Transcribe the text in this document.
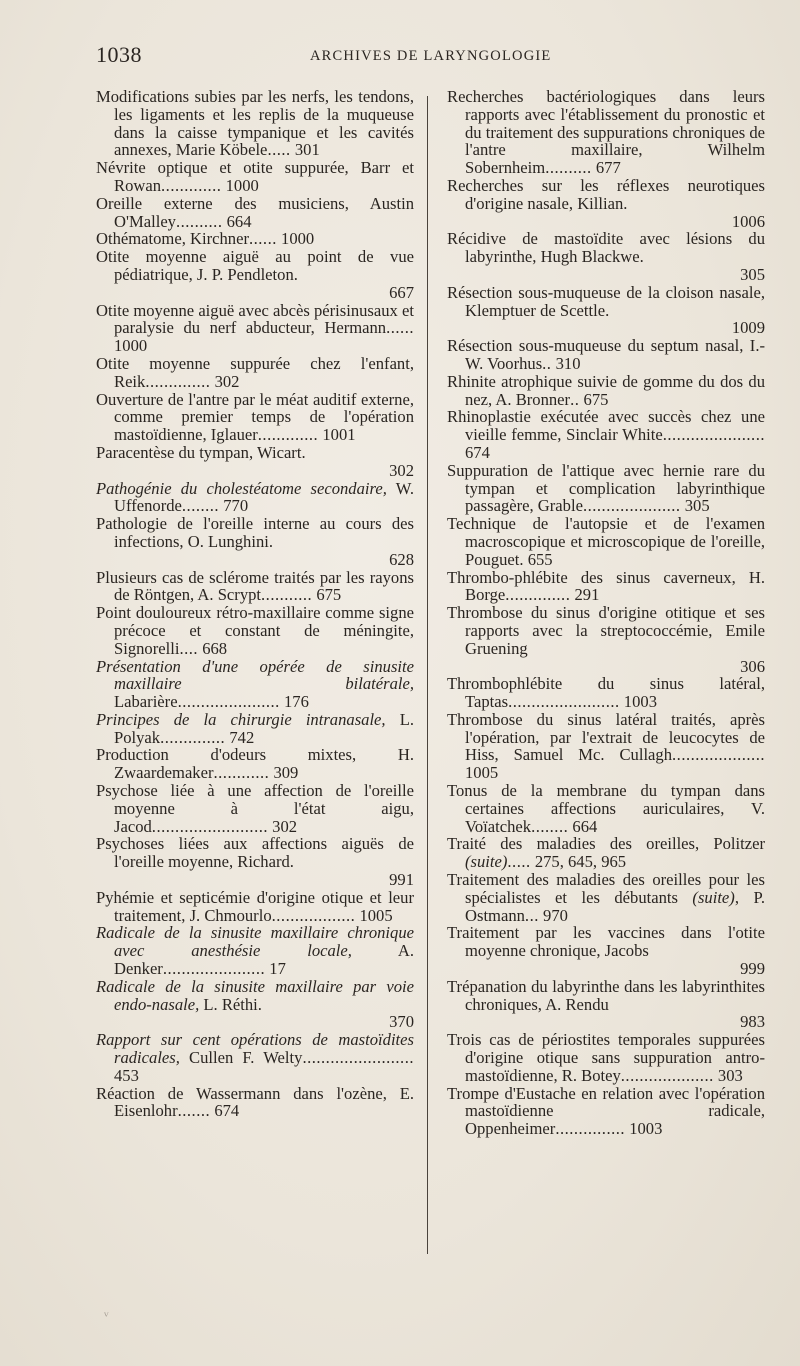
1038	ARCHIVES DE LARYNGOLOGIE
Modifications subies par les nerfs, les tendons, les ligaments et les replis de la muqueuse dans la caisse tympanique et les cavités annexes, Marie Köbele..... 301
Névrite optique et otite suppurée, Barr et Rowan............. 1000
Oreille externe des musiciens, Austin O'Malley.......... 664
Othématome, Kirchner...... 1000
Otite moyenne aiguë au point de vue pédiatrique, J. P. Pendleton.
667
Otite moyenne aiguë avec abcès périsinusaux et paralysie du nerf abducteur, Hermann...... 1000
Otite moyenne suppurée chez l'enfant, Reik.............. 302
Ouverture de l'antre par le méat auditif externe, comme premier temps de l'opération mastoïdienne, Iglauer............. 1001
Paracentèse du tympan, Wicart.
302
Pathogénie du cholestéatome secondaire, W. Uffenorde........ 770
Pathologie de l'oreille interne au cours des infections, O. Lunghini.
628
Plusieurs cas de sclérome traités par les rayons de Röntgen, A. Scrypt........... 675
Point douloureux rétro-maxillaire comme signe précoce et constant de méningite, Signorelli.... 668
Présentation d'une opérée de sinusite maxillaire bilatérale, Labarière...................... 176
Principes de la chirurgie intranasale, L. Polyak.............. 742
Production d'odeurs mixtes, H. Zwaardemaker............ 309
Psychose liée à une affection de l'oreille moyenne à l'état aigu, Jacod......................... 302
Psychoses liées aux affections aiguës de l'oreille moyenne, Richard.
991
Pyhémie et septicémie d'origine otique et leur traitement, J. Chmourlo.................. 1005
Radicale de la sinusite maxillaire chronique avec anesthésie locale, A. Denker...................... 17
Radicale de la sinusite maxillaire par voie endo-nasale, L. Réthi.
370
Rapport sur cent opérations de mastoïdites radicales, Cullen F. Welty........................ 453
Réaction de Wassermann dans l'ozène, E. Eisenlohr....... 674
Recherches bactériologiques dans leurs rapports avec l'établissement du pronostic et du traitement des suppurations chroniques de l'antre maxillaire, Wilhelm Sobernheim.......... 677
Recherches sur les réflexes neurotiques d'origine nasale, Killian.
1006
Récidive de mastoïdite avec lésions du labyrinthe, Hugh Blackwe.
305
Résection sous-muqueuse de la cloison nasale, Klemptuer de Scettle.
1009
Résection sous-muqueuse du septum nasal, I.-W. Voorhus.. 310
Rhinite atrophique suivie de gomme du dos du nez, A. Bronner.. 675
Rhinoplastie exécutée avec succès chez une vieille femme, Sinclair White...................... 674
Suppuration de l'attique avec hernie rare du tympan et complication labyrinthique passagère, Grable..................... 305
Technique de l'autopsie et de l'examen macroscopique et microscopique de l'oreille, Pouguet. 655
Thrombo-phlébite des sinus caverneux, H. Borge.............. 291
Thrombose du sinus d'origine otitique et ses rapports avec la streptococcémie, Emile Gruening
306
Thrombophlébite du sinus latéral, Taptas........................ 1003
Thrombose du sinus latéral traités, après l'opération, par l'extrait de leucocytes de Hiss, Samuel Mc. Cullagh.................... 1005
Tonus de la membrane du tympan dans certaines affections auriculaires, V. Voïatchek........ 664
Traité des maladies des oreilles, Politzer (suite)..... 275, 645, 965
Traitement des maladies des oreilles pour les spécialistes et les débutants (suite), P. Ostmann... 970
Traitement par les vaccines dans l'otite moyenne chronique, Jacobs
999
Trépanation du labyrinthe dans les labyrinthites chroniques, A. Rendu
983
Trois cas de périostites temporales suppurées d'origine otique sans suppuration antro-mastoïdienne, R. Botey.................... 303
Trompe d'Eustache en relation avec l'opération mastoïdienne radicale, Oppenheimer............... 1003
ⱽ
